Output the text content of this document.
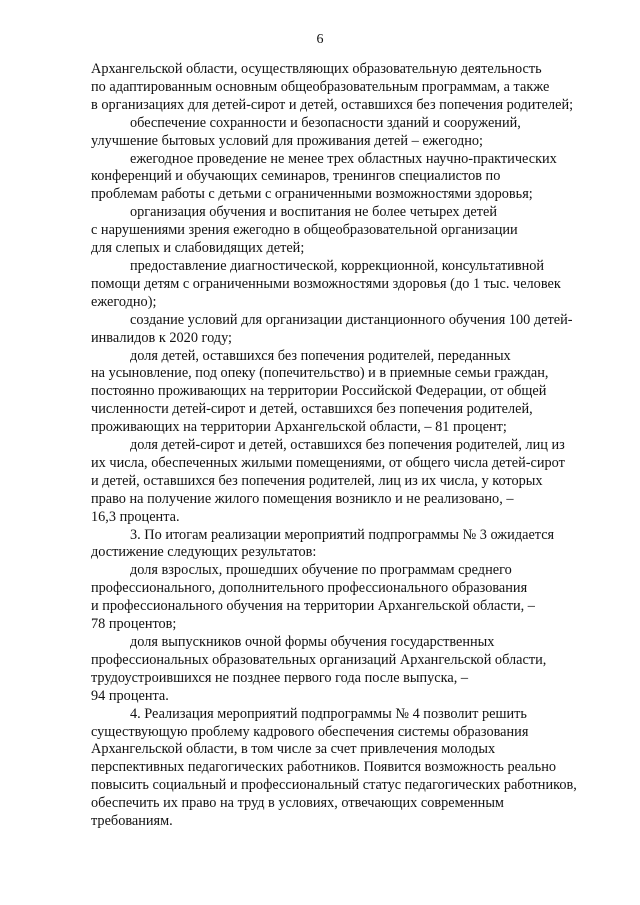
6

Архангельской области, осуществляющих образовательную деятельность
по адаптированным основным общеобразовательным программам, а также
в организациях для детей-сирот и детей, оставшихся без попечения родителей;

обеспечение сохранности и безопасности зданий и сооружений,
улучшение бытовых условий для проживания детей – ежегодно;

ежегодное проведение не менее трех областных научно-практических
конференций и обучающих семинаров, тренингов специалистов по
проблемам работы с детьми с ограниченными возможностями здоровья;

организация обучения и воспитания не более четырех детей
с нарушениями зрения ежегодно в общеобразовательной организации
для слепых и слабовидящих детей;

предоставление диагностической, коррекционной, консультативной
помощи детям с ограниченными возможностями здоровья (до 1 тыс. человек
ежегодно);

создание условий для организации дистанционного обучения 100 детей-
инвалидов к 2020 году;

доля детей, оставшихся без попечения родителей, переданных
на усыновление, под опеку (попечительство) и в приемные семьи граждан,
постоянно проживающих на территории Российской Федерации, от общей
численности детей-сирот и детей, оставшихся без попечения родителей,
проживающих на территории Архангельской области, – 81 процент;

доля детей-сирот и детей, оставшихся без попечения родителей, лиц из
их числа, обеспеченных жилыми помещениями, от общего числа детей-сирот
и детей, оставшихся без попечения родителей, лиц из их числа, у которых
право на получение жилого помещения возникло и не реализовано, –
16,3 процента.

3. По итогам реализации мероприятий подпрограммы № 3 ожидается
достижение следующих результатов:

доля взрослых, прошедших обучение по программам среднего
профессионального, дополнительного профессионального образования
и профессионального обучения на территории Архангельской области, –
78 процентов;

доля выпускников очной формы обучения государственных
профессиональных образовательных организаций Архангельской области,
трудоустроившихся не позднее первого года после выпуска, –
94 процента.

4. Реализация мероприятий подпрограммы № 4 позволит решить
существующую проблему кадрового обеспечения системы образования
Архангельской области, в том числе за счет привлечения молодых
перспективных педагогических работников. Появится возможность реально
повысить социальный и профессиональный статус педагогических работников,
обеспечить их право на труд в условиях, отвечающих современным
требованиям.
